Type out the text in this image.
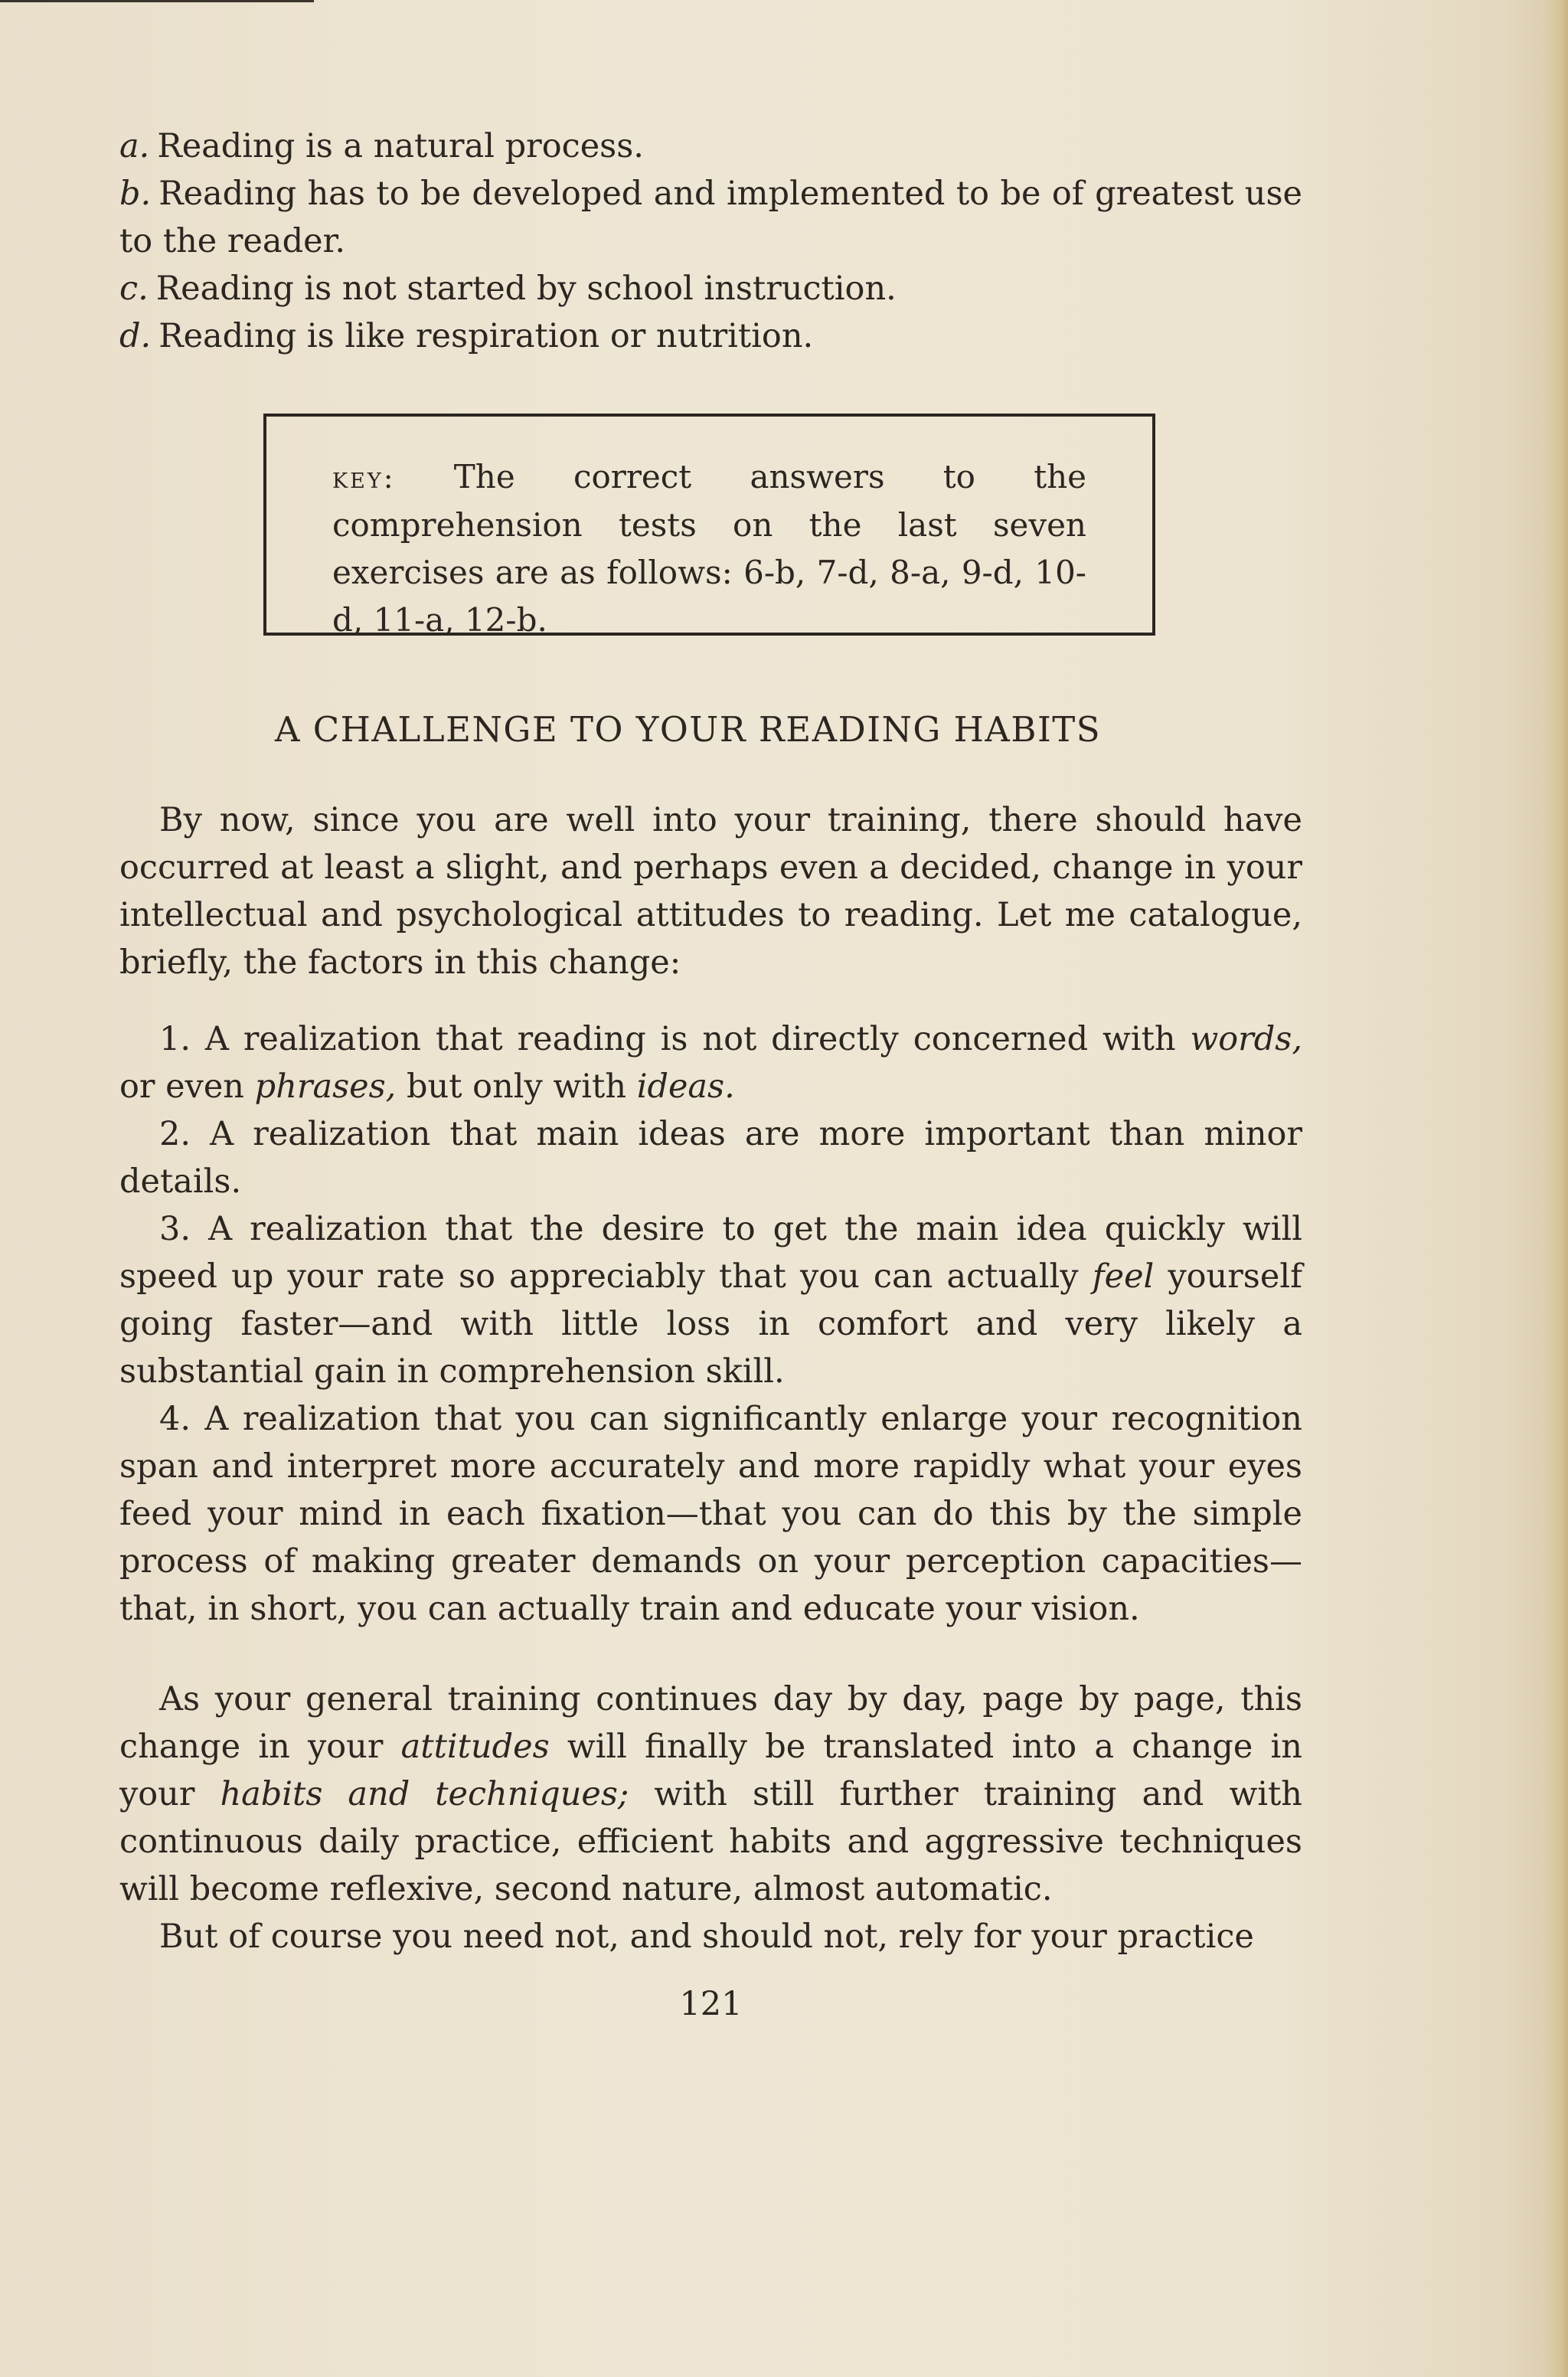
a. Reading is a natural process.

b. Reading has to be developed and implemented to be of greatest use to the reader.

c. Reading is not started by school instruction.

d. Reading is like respiration or nutrition.

key: The correct answers to the comprehension tests on the last seven exercises are as follows: 6-b, 7-d, 8-a, 9-d, 10-d, 11-a, 12-b.
A CHALLENGE TO YOUR READING HABITS

By now, since you are well into your training, there should have occurred at least a slight, and perhaps even a decided, change in your intellectual and psychological attitudes to reading. Let me catalogue, briefly, the factors in this change:

1. A realization that reading is not directly concerned with words, or even phrases, but only with ideas.

2. A realization that main ideas are more important than minor details.

3. A realization that the desire to get the main idea quickly will speed up your rate so appreciably that you can actually feel yourself going faster—and with little loss in comfort and very likely a substantial gain in comprehension skill.

4. A realization that you can significantly enlarge your recognition span and interpret more accurately and more rapidly what your eyes feed your mind in each fixation—that you can do this by the simple process of making greater demands on your perception capacities—that, in short, you can actually train and educate your vision.

As your general training continues day by day, page by page, this change in your attitudes will finally be translated into a change in your habits and techniques; with still further training and with continuous daily practice, efficient habits and aggressive techniques will become reflexive, second nature, almost automatic.

But of course you need not, and should not, rely for your practice

121
